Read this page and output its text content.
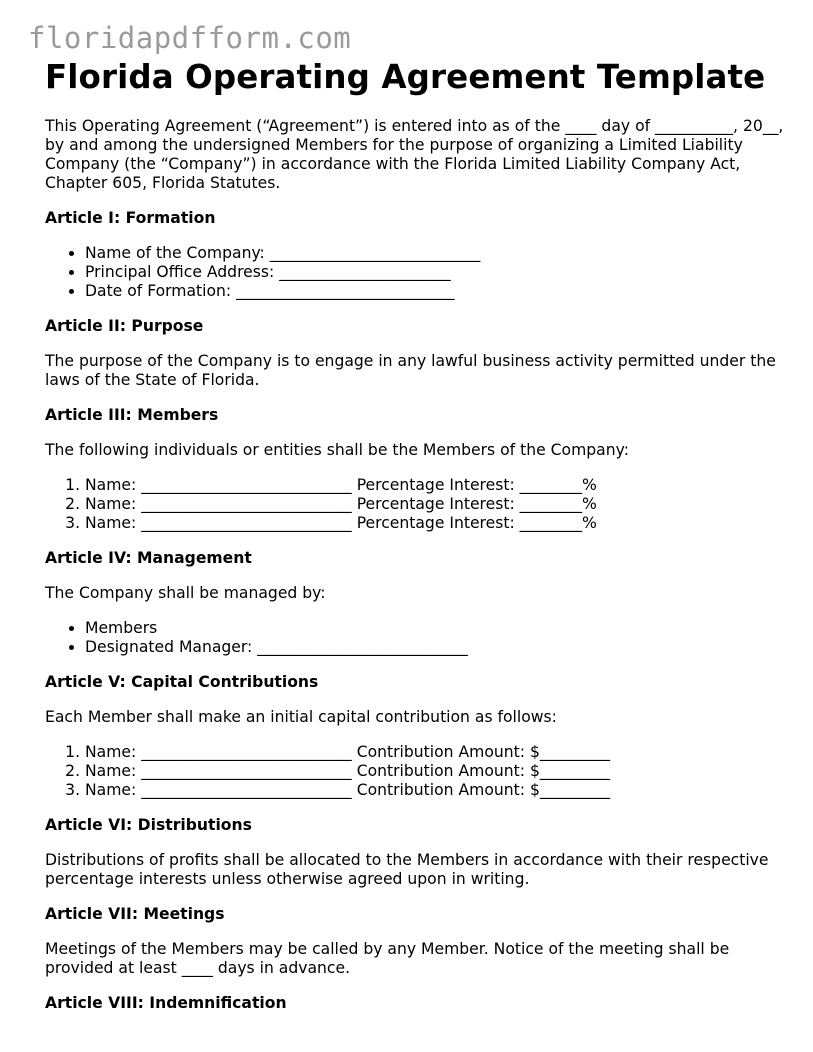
floridapdfform.com
Florida Operating Agreement Template

This Operating Agreement (“Agreement”) is entered into as of the ____ day of __________, 20__, by and among the undersigned Members for the purpose of organizing a Limited Liability Company (the “Company”) in accordance with the Florida Limited Liability Company Act, Chapter 605, Florida Statutes.

Article I: Formation
• Name of the Company: ___________________________
• Principal Office Address: ______________________
• Date of Formation: ____________________________
Article II: Purpose

The purpose of the Company is to engage in any lawful business activity permitted under the laws of the State of Florida.

Article III: Members

The following individuals or entities shall be the Members of the Company:

1. Name: ___________________________ Percentage Interest: ________%
2. Name: ___________________________ Percentage Interest: ________%
3. Name: ___________________________ Percentage Interest: ________%
Article IV: Management

The Company shall be managed by:

• Members
• Designated Manager: ___________________________
Article V: Capital Contributions

Each Member shall make an initial capital contribution as follows:

1. Name: ___________________________ Contribution Amount: $_________
2. Name: ___________________________ Contribution Amount: $_________
3. Name: ___________________________ Contribution Amount: $_________
Article VI: Distributions

Distributions of profits shall be allocated to the Members in accordance with their respective percentage interests unless otherwise agreed upon in writing.

Article VII: Meetings

Meetings of the Members may be called by any Member. Notice of the meeting shall be provided at least ____ days in advance.

Article VIII: Indemnification
